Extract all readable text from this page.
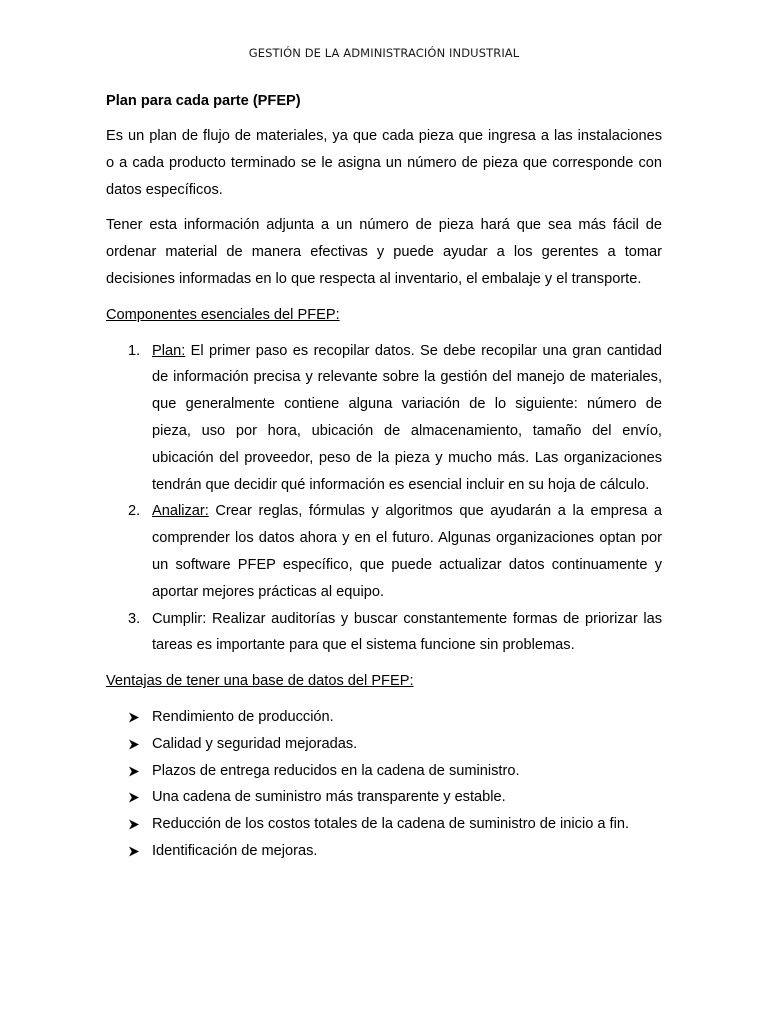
GESTIÓN DE LA ADMINISTRACIÓN INDUSTRIAL
Plan para cada parte (PFEP)

Es un plan de flujo de materiales, ya que cada pieza que ingresa a las instalaciones
o a cada producto terminado se le asigna un número de pieza que corresponde con
datos específicos.

Tener esta información adjunta a un número de pieza hará que sea más fácil de
ordenar material de manera efectivas y puede ayudar a los gerentes a tomar
decisiones informadas en lo que respecta al inventario, el embalaje y el transporte.

Componentes esenciales del PFEP:

1. Plan: El primer paso es recopilar datos. Se debe recopilar una gran cantidad
de información precisa y relevante sobre la gestión del manejo de materiales,
que generalmente contiene alguna variación de lo siguiente: número de
pieza, uso por hora, ubicación de almacenamiento, tamaño del envío,
ubicación del proveedor, peso de la pieza y mucho más. Las organizaciones
tendrán que decidir qué información es esencial incluir en su hoja de cálculo.
2. Analizar: Crear reglas, fórmulas y algoritmos que ayudarán a la empresa a
comprender los datos ahora y en el futuro. Algunas organizaciones optan por
un software PFEP específico, que puede actualizar datos continuamente y
aportar mejores prácticas al equipo.
3. Cumplir: Realizar auditorías y buscar constantemente formas de priorizar las
tareas es importante para que el sistema funcione sin problemas.

Ventajas de tener una base de datos del PFEP:

Rendimiento de producción.
Calidad y seguridad mejoradas.
Plazos de entrega reducidos en la cadena de suministro.
Una cadena de suministro más transparente y estable.
Reducción de los costos totales de la cadena de suministro de inicio a fin.
Identificación de mejoras.
